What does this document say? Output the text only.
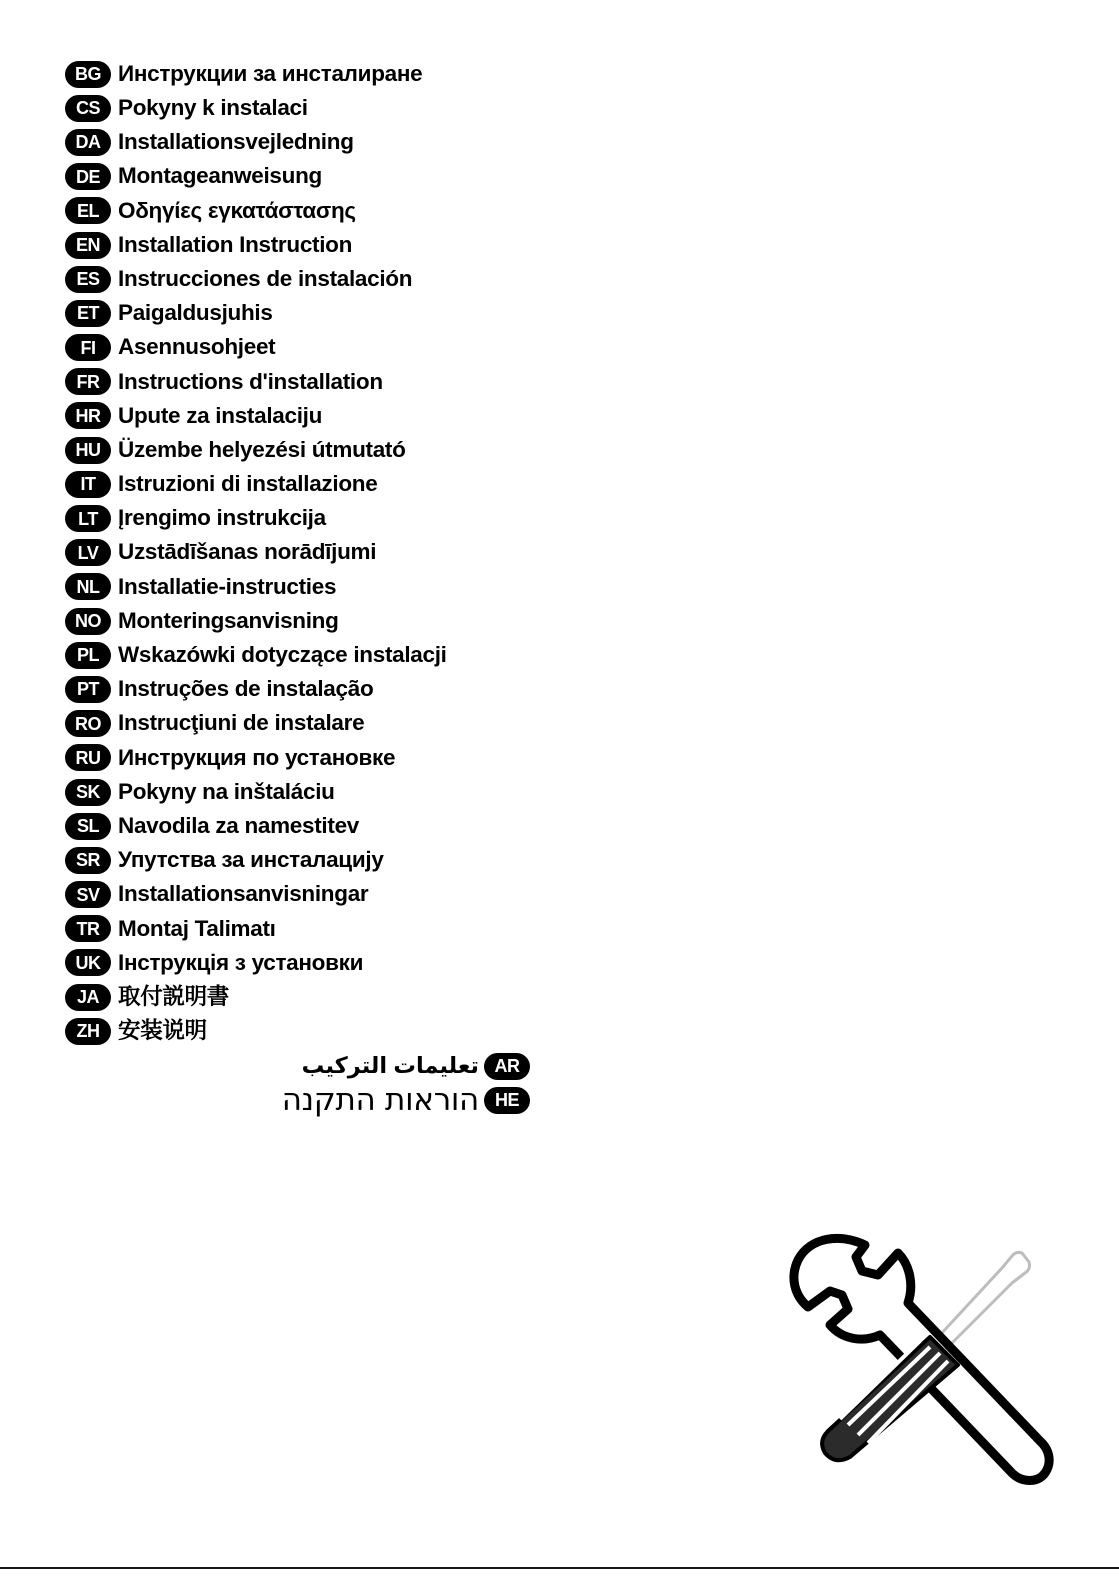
BG Инструкции за инсталиране
CS Pokyny k instalaci
DA Installationsvejledning
DE Montageanweisung
EL Οδηγίες εγκατάστασης
EN Installation Instruction
ES Instrucciones de instalación
ET Paigaldusjuhis
FI	Asennusohjeet
FR Instructions d'installation
HR Upute za instalaciju
HU Üzembe helyezési útmutató
IT	Istruzioni di installazione
LT Įrengimo instrukcija
LV Uzstādīšanas norādījumi
NL Installatie-instructies
NO Monteringsanvisning
PL Wskazówki dotyczące instalacji
PT Instruções de instalação
RO Instrucţiuni de instalare
RU Инструкция по установке
SK Pokyny na inštaláciu
SL Navodila za namestitev
SR Упутства за инсталацију
SV Installationsanvisningar
TR Montaj Talimatı
UK Інструкція з установки
JA 取付説明書
ZH 安装说明
تعليمات التركيب AR
הוראות התקנה HE
